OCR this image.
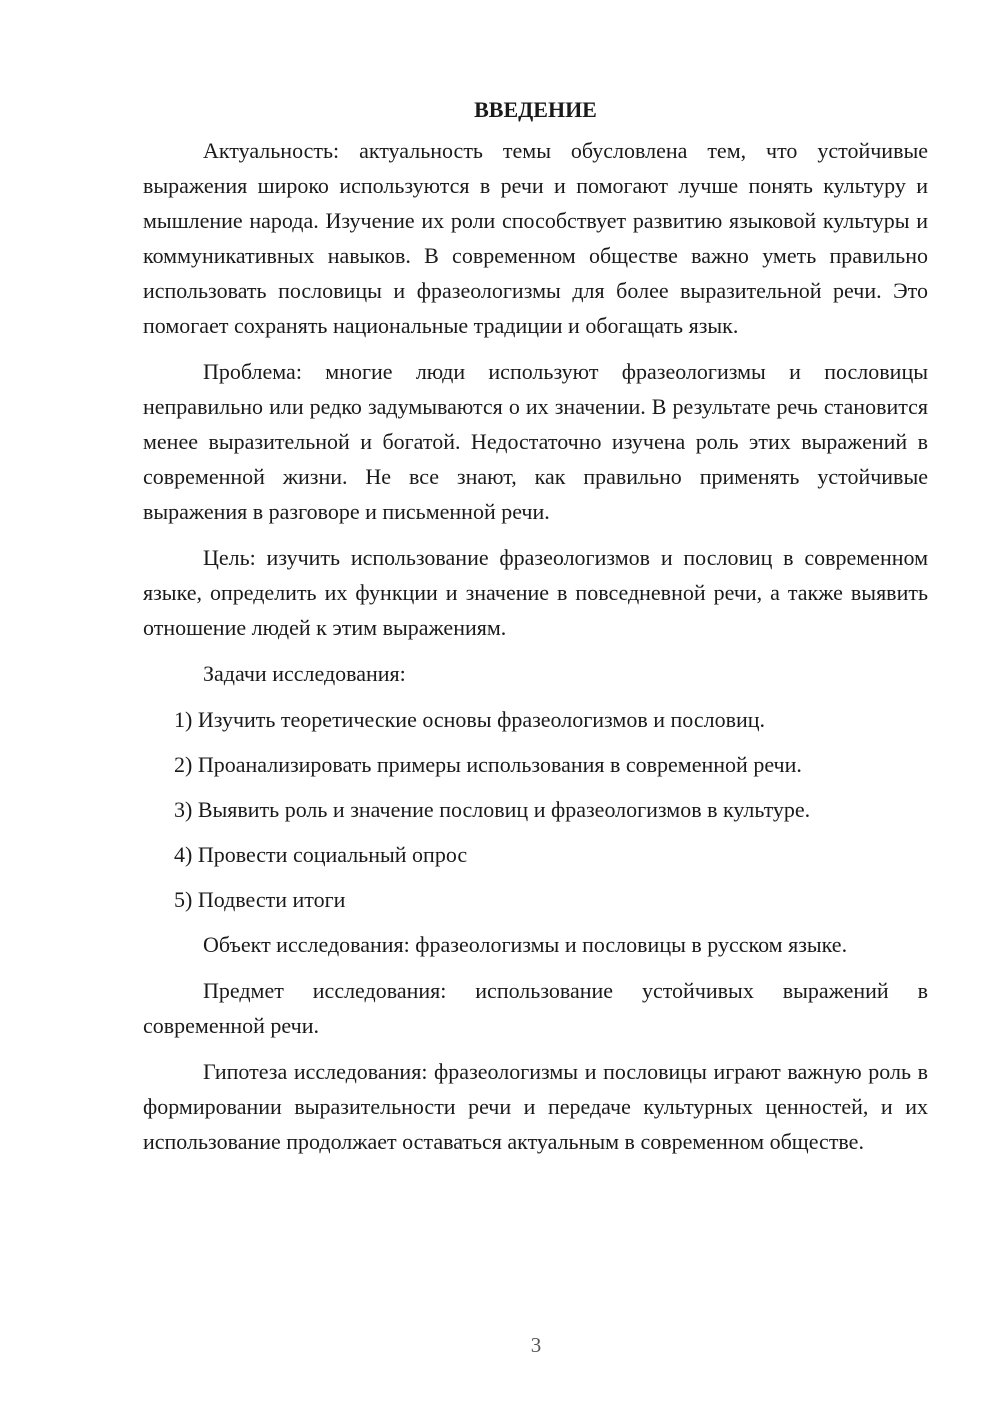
ВВЕДЕНИЕ

Актуальность: актуальность темы обусловлена тем, что устойчивые выражения широко используются в речи и помогают лучше понять культуру и мышление народа. Изучение их роли способствует развитию языковой культуры и коммуникативных навыков. В современном обществе важно уметь правильно использовать пословицы и фразеологизмы для более выразительной речи. Это помогает сохранять национальные традиции и обогащать язык.

Проблема: многие люди используют фразеологизмы и пословицы неправильно или редко задумываются о их значении. В результате речь становится менее выразительной и богатой. Недостаточно изучена роль этих выражений в современной жизни. Не все знают, как правильно применять устойчивые выражения в разговоре и письменной речи.

Цель: изучить использование фразеологизмов и пословиц в современном языке, определить их функции и значение в повседневной речи, а также выявить отношение людей к этим выражениям.

Задачи исследования:

1) Изучить теоретические основы фразеологизмов и пословиц.
2) Проанализировать примеры использования в современной речи.
3) Выявить роль и значение пословиц и фразеологизмов в культуре.
4) Провести социальный опрос
5) Подвести итоги

Объект исследования: фразеологизмы и пословицы в русском языке.

Предмет исследования: использование устойчивых выражений в современной речи.

Гипотеза исследования: фразеологизмы и пословицы играют важную роль в формировании выразительности речи и передаче культурных ценностей, и их использование продолжает оставаться актуальным в современном обществе.

3
